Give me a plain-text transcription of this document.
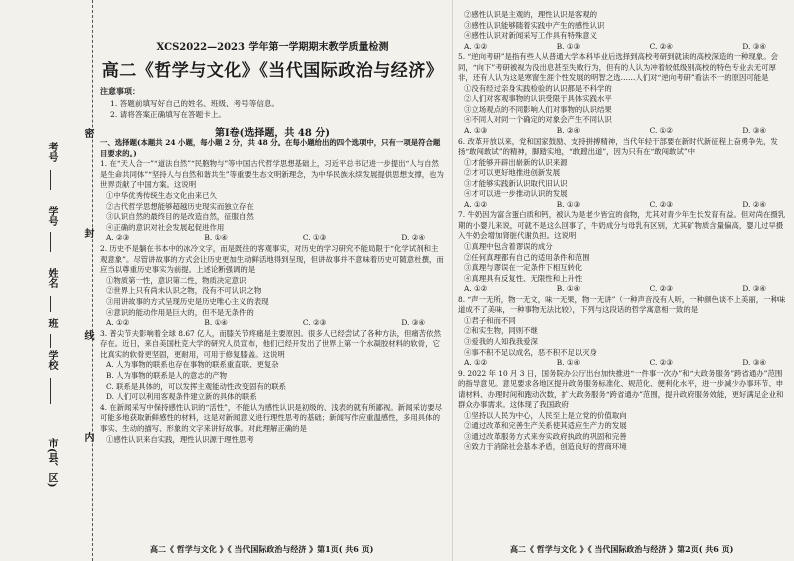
考号
学号
姓名
班
学校
市(县、区)
密
封
线
内
XCS2022—2023 学年第一学期期末教学质量检测
高二《哲学与文化》《当代国际政治与经济》
注意事项：

1. 答题前填写好自己的姓名、班级、考号等信息。

2. 请将答案正确填写在答题卡上。

第Ⅰ卷(选择题，共 48 分)

一、选择题(本题共 24 小题，每小题 2 分，共 48 分。在每小题给出的四个选项中，只有一项是符合题目要求的。)

1. 在“天人合一”“道法自然”“民胞物与”等中国古代哲学思想基础上，习近平总书记进一步提出“人与自然是生命共同体”“坚持人与自然和谐共生”等重要生态文明新理念，为中华民族永续发展提供思想支撑，也为世界贡献了中国方案。这说明

①中华优秀传统生态文化由来已久

②古代哲学思想能够超越历史现实而独立存在

③认识自然的最终目的是改造自然，征服自然

④正确的意识对社会发展起促进作用

A. ②③	B. ①④	C. ①③	D. ②④

2. 历史不是躺在书本中的冰冷文字，而是既往的客观事实，对历史的学习研究不能局限于“化学试剂和主观意象”。尽管讲故事的方式会让历史更加生动鲜活地得到呈现，但讲故事并不意味着历史可随意杜撰，而应当以尊重历史事实为前提。上述论断强调的是

①物质第一性，意识第二性，物质决定意识

②世界上只有尚未认识之物，没有不可认识之物

③用讲故事的方式呈现历史是历史唯心主义的表现

④意识的能动作用是巨大的，但不是无条件的

A. ①②	B. ①④	C. ②③	D. ③④

3. 普尖节夫影响着全球 8.67 亿人，而膝关节疼痛是主要原因。很多人已经尝试了各种方法，但痛苦依然存在。近日，来自美国杜克大学的研究人员宣布，他们已经开发出了世界上第一个水凝胶材料的软骨，它比真实的软骨更坚固，更耐用，可用于修复膝盖。这说明

A. 人为事物的联系也存在事物的联系重直联、更复杂

B. 人为事物的联系是人的意志的产物

C. 联系是具体的，可以发挥主观能动性改变固有的联系

D. 人们可以利用客观条件建立新的具体的联系

4. 在新闻采写中保持感性认识的“活性”，不能认为感性认识是初级的、浅表的就有所鄙视。新闻采访要尽可能多地获取新鲜感性的材料，这是对新闻意义进行理性思考的基础；新闻写作应重温感性，多用具体的事实、生动的描写、形象的文字来讲好故事。对此理解正确的是

①感性认识来自实践，理性认识源于理性思考

②感性认识是主观的，理性认识是客观的

③感性认识能够随着实践中产生的感性认识

④感性认识对新闻采写工作具有特殊意义

A. ①②	B. ①③	C. ②④	D. ③④

5. “逆向考研”是指有些人从普通大学本科毕业后选择到高校考研到就读的高校深造的一种现象。会同，“向下”考研被视为没出息甚至失败行为，但有的人认为冲着较低级别高校的特色专业去无可厚非，还有人认为这是寒窗生涯个性发展的明智之选……人们对“逆向考研”看法不一的原因可能是

①没有经过亲身实践检验的认识都是不科学的

②人们对客观事物的认识受限于具体实践水平

③立场观点的不同影响人们对事物的认识结果

④不同人对同一个确定的对象会产生不同认识

A. ①③	B. ②④	C. ①②	D. ③④

6. 改革开放以来，党和国家鼓励、支持拼搏精神，当代年轻干部要在新时代新征程上奋勇争先，发扬“敢闯敢试”的精神，脚踏实地，“敢蹚出道”，因为只有在“敢闯敢试”中

①才能够开辟出崭新的认识来源

②才可以更好地推进创新发展

③才能够实践新认识取代旧认识

④才可以进一步推动认识的发展

A. ①②	B. ①③	C. ②③	D. ②④

7. 牛奶因为富含蛋白质和钙，被认为是老少皆宜的食物，尤其对青少年生长发育有益。但对尚在摄乳期的小婴儿来说，可就不是这么回事了，牛奶成分与母乳有区别，尤其矿物质含量偏高，婴儿过早摄入牛奶会增加肾脏代谢负担。这说明

①真理中包含着谬误的成分

②任何真理都有自己的适用条件和范围

③真理与谬误在一定条件下相互转化

④真理具有反复性、无限性和上升性

A. ①②	B. ①④	C. ②③	D. ③④

8. “声一无所，物一无文，味一无果，物一无讲”（一种声音没有人听，一种颜色谈不上美丽，一种味道成不了美味，一种事物无法比较），下列与这段话的哲学寓意相一致的是

①君子和而不同

②和实生物，同则不继

③爱我的人知我我爱深

④事不积不足以成名，恶不积不足以灭身

A. ①②	B. ①④	C. ②③	D. ③④

9. 2022 年 10 月 3 日，国务院办公厅出台加快推进“一件事一次办”和“大政务服务”跨省通办”范围的指导意见。意见要求各地区提升政务服务标准化、规范化、便利化水平，进一步减少办事环节、申请材料、办理时间和跑动次数，扩大政务服务“跨省通办”范围，提升政府服务效能，更好满足企业和群众办事需求。这体现了我国政府

①坚持以人民为中心，人民至上是立党的价值取向

②通过改革和完善生产关系使其适应生产力的发展

③通过改革服务方式来夯实政府执政的巩固和完善

④致力于消除社会基本矛盾，创造良好的营商环境

高二《 哲学与文化 》《 当代国际政治与经济 》第1页( 共6 页)	高二《 哲学与文化 》《 当代国际政治与经济 》第2页( 共6 页)
